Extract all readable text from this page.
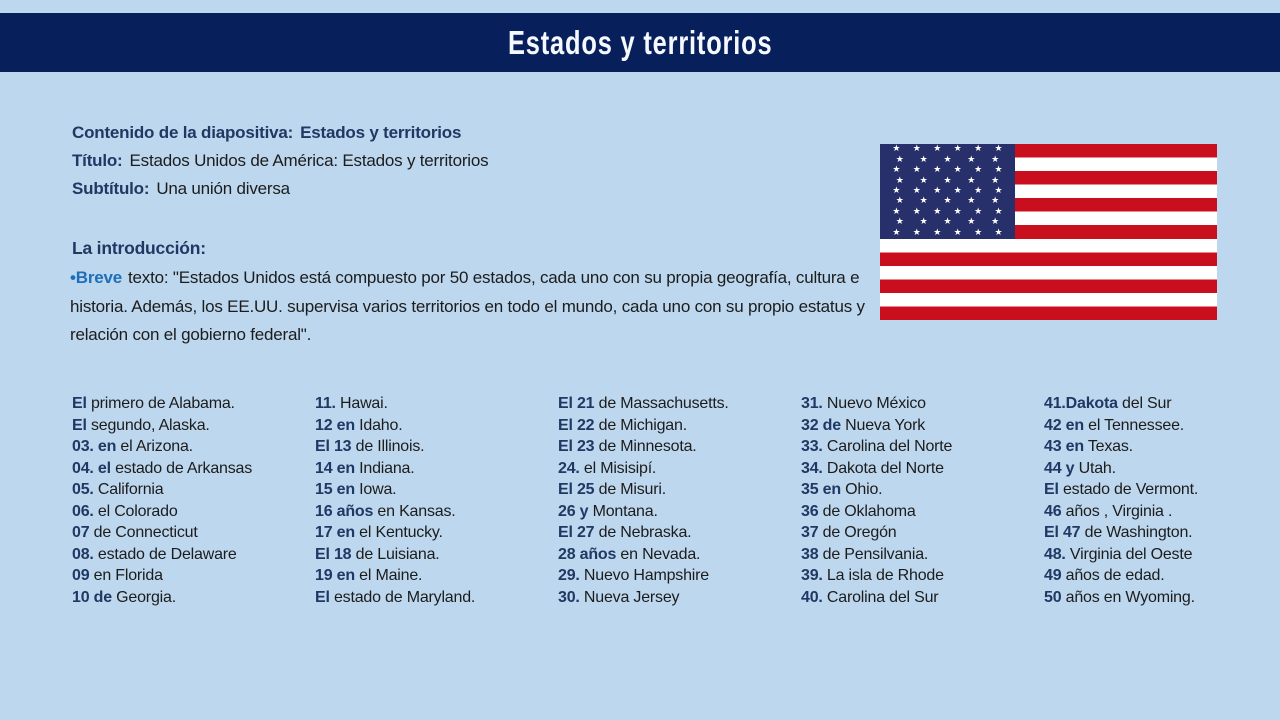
Estados y territorios
Contenido de la diapositiva: Estados y territorios
Título: Estados Unidos de América: Estados y territorios
Subtítulo: Una unión diversa
La introducción:

•Breve texto: "Estados Unidos está compuesto por 50 estados, cada uno con su propia geografía, cultura e historia. Además, los EE.UU. supervisa varios territorios en todo el mundo, cada uno con su propio estatus y relación con el gobierno federal".

★ ★ ★ ★ ★ ★
★ ★ ★ ★ ★
★ ★ ★ ★ ★ ★
★ ★ ★ ★ ★
★ ★ ★ ★ ★ ★
★ ★ ★ ★ ★
★ ★ ★ ★ ★ ★
★ ★ ★ ★ ★
★ ★ ★ ★ ★ ★
El primero de Alabama.
El segundo, Alaska.
03. en el Arizona.
04. el estado de Arkansas
05. California
06. el Colorado
07 de Connecticut
08. estado de Delaware
09 en Florida
10 de Georgia.
11. Hawai.
12 en Idaho.
El 13 de Illinois.
14 en Indiana.
15 en Iowa.
16 años en Kansas.
17 en el Kentucky.
El 18 de Luisiana.
19 en el Maine.
El estado de Maryland.
El 21 de Massachusetts.
El 22 de Michigan.
El 23 de Minnesota.
24. el Misisipí.
El 25 de Misuri.
26 y Montana.
El 27 de Nebraska.
28 años en Nevada.
29. Nuevo Hampshire
30. Nueva Jersey
31. Nuevo México
32 de Nueva York
33. Carolina del Norte
34. Dakota del Norte
35 en Ohio.
36 de Oklahoma
37 de Oregón
38 de Pensilvania.
39. La isla de Rhode
40. Carolina del Sur
41.Dakota del Sur
42 en el Tennessee.
43 en Texas.
44 y Utah.
El estado de Vermont.
46 años , Virginia .
El 47 de Washington.
48. Virginia del Oeste
49 años de edad.
50 años en Wyoming.
